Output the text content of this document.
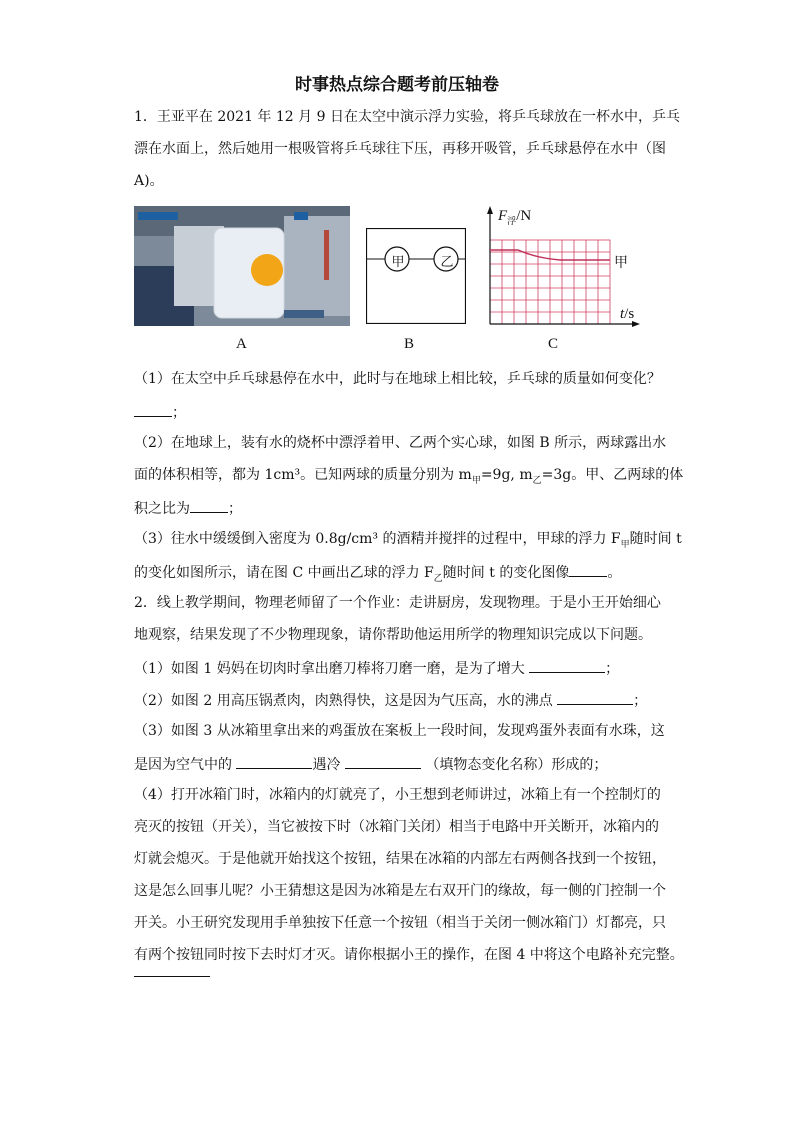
时事热点综合题考前压轴卷
1．王亚平在 2021 年 12 月 9 日在太空中演示浮力实验，将乒乓球放在一杯水中，乒乓
漂在水面上，然后她用一根吸管将乒乓球往下压，再移开吸管，乒乓球悬停在水中（图
A)。
甲	乙
$F_浮/N$
甲
t/s
A	B	C
（1）在太空中乒乓球悬停在水中，此时与在地球上相比较，乒乓球的质量如何变化？
；
（2）在地球上，装有水的烧杯中漂浮着甲、乙两个实心球，如图 B 所示，两球露出水
面的体积相等，都为 1cm³。已知两球的质量分别为 $m_甲=9g$, $m_乙=3g$。甲、乙两球的体
积之比为	；
（3）往水中缓缓倒入密度为 0.8g/cm³ 的酒精并搅拌的过程中，甲球的浮力 $F_甲$随时间 t
的变化如图所示，请在图 C 中画出乙球的浮力 $F_乙$随时间 t 的变化图像	。
2．线上教学期间，物理老师留了一个作业：走讲厨房，发现物理。于是小王开始细心
地观察，结果发现了不少物理现象，请你帮助他运用所学的物理知识完成以下问题。
（1）如图 1 妈妈在切肉时拿出磨刀棒将刀磨一磨，是为了增大	；
（2）如图 2 用高压锅煮肉，肉熟得快，这是因为气压高，水的沸点	；
（3）如图 3 从冰箱里拿出来的鸡蛋放在案板上一段时间，发现鸡蛋外表面有水珠，这
是因为空气中的	遇冷	（填物态变化名称）形成的；
（4）打开冰箱门时，冰箱内的灯就亮了，小王想到老师讲过，冰箱上有一个控制灯的
亮灭的按钮（开关），当它被按下时（冰箱门关闭）相当于电路中开关断开，冰箱内的
灯就会熄灭。于是他就开始找这个按钮，结果在冰箱的内部左右两侧各找到一个按钮，
这是怎么回事儿呢？小王猜想这是因为冰箱是左右双开门的缘故，每一侧的门控制一个
开关。小王研究发现用手单独按下任意一个按钮（相当于关闭一侧冰箱门）灯都亮，只
有两个按钮同时按下去时灯才灭。请你根据小王的操作，在图 4 中将这个电路补充完整。
